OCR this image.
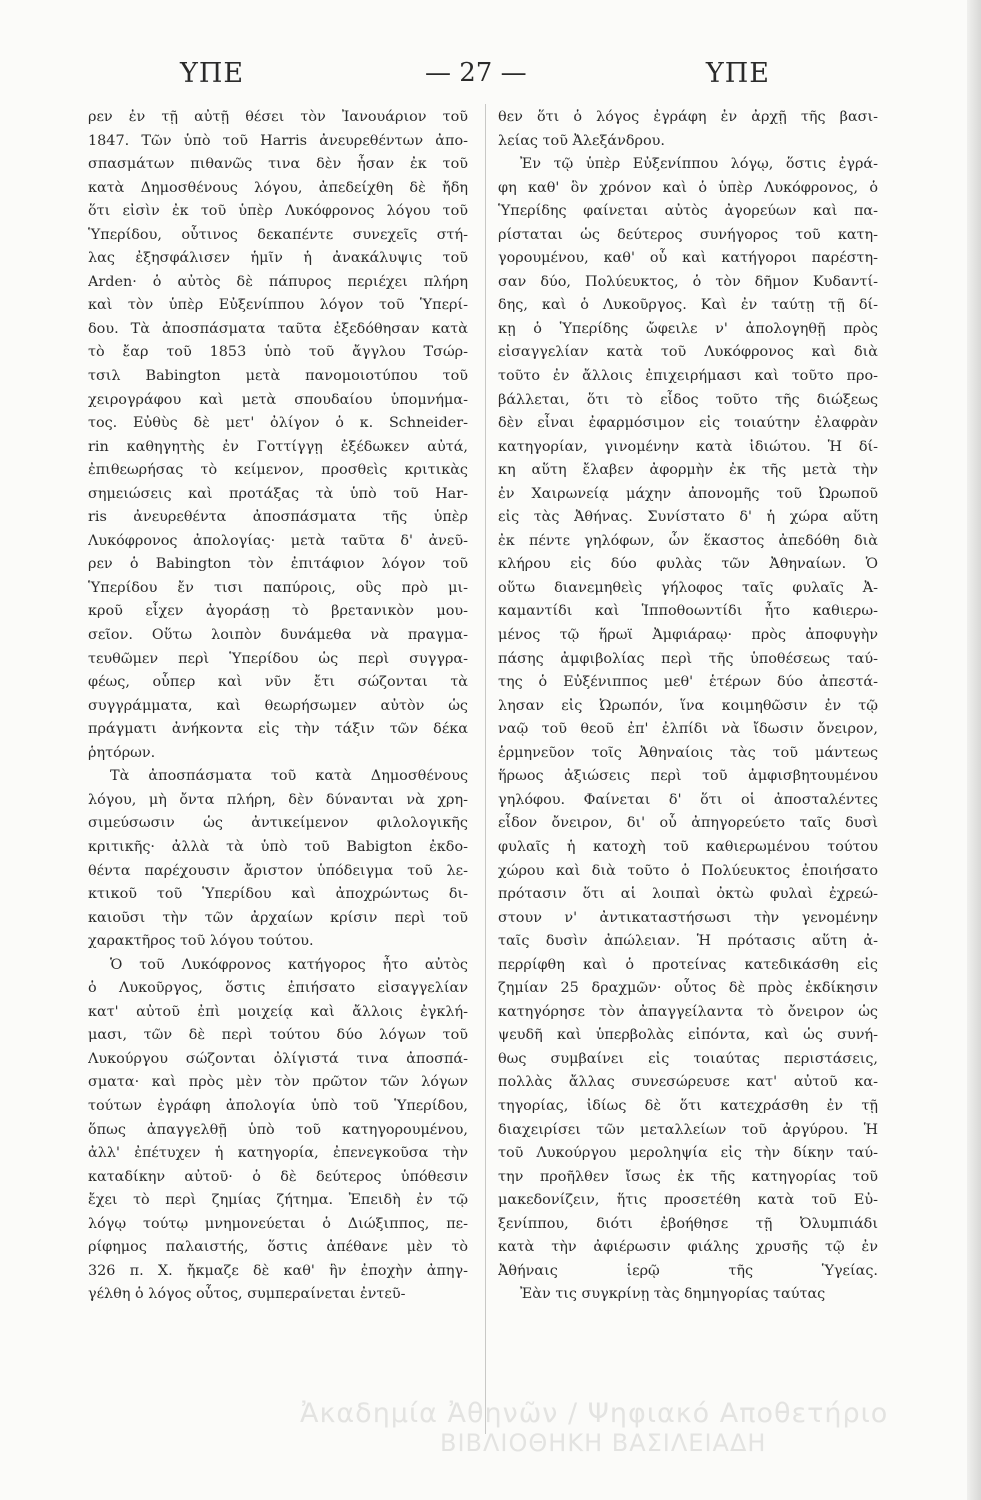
ΥΠΕ	— 27 —	ΥΠΕ
ρεν ἐν τῇ αὐτῇ θέσει τὸν Ἰανουάριον τοῦ
1847. Τῶν ὑπὸ τοῦ Harris ἀνευρεθέντων ἀπο-
σπασμάτων πιθανῶς τινα δὲν ἦσαν ἐκ τοῦ
κατὰ Δημοσθένους λόγου, ἀπεδείχθη δὲ ἤδη
ὅτι εἰσὶν ἐκ τοῦ ὑπὲρ Λυκόφρονος λόγου τοῦ
Ὑπερίδου, οὗτινος δεκαπέντε συνεχεῖς στή-
λας ἐξησφάλισεν ἡμῖν ἡ ἀνακάλυψις τοῦ
Arden· ὁ αὐτὸς δὲ πάπυρος περιέχει πλήρη
καὶ τὸν ὑπὲρ Εὐξενίππου λόγον τοῦ Ὑπερί-
δου. Τὰ ἀποσπάσματα ταῦτα ἐξεδόθησαν κατὰ
τὸ ἔαρ τοῦ 1853 ὑπὸ τοῦ ἄγγλου Τσώρ-
τσιλ Babington μετὰ πανομοιοτύπου τοῦ
χειρογράφου καὶ μετὰ σπουδαίου ὑπομνήμα-
τος. Εὐθὺς δὲ μετ' ὀλίγον ὁ κ. Schneider-
rin καθηγητὴς ἐν Γοττίγγῃ ἐξέδωκεν αὐτά,
ἐπιθεωρήσας τὸ κείμενον, προσθεὶς κριτικὰς
σημειώσεις καὶ προτάξας τὰ ὑπὸ τοῦ Har-
ris ἀνευρεθέντα ἀποσπάσματα τῆς ὑπὲρ
Λυκόφρονος ἀπολογίας· μετὰ ταῦτα δ' ἀνεῦ-
ρεν ὁ Babington τὸν ἐπιτάφιον λόγον τοῦ
Ὑπερίδου ἔν τισι παπύροις, οὓς πρὸ μι-
κροῦ εἶχεν ἀγοράσῃ τὸ βρετανικὸν μου-
σεῖον. Οὕτω λοιπὸν δυνάμεθα νὰ πραγμα-
τευθῶμεν περὶ Ὑπερίδου ὡς περὶ συγγρα-
φέως, οὗπερ καὶ νῦν ἔτι σώζονται τὰ
συγγράμματα, καὶ θεωρήσωμεν αὐτὸν ὡς
πράγματι ἀνήκοντα εἰς τὴν τάξιν τῶν δέκα
ῥητόρων.
Τὰ ἀποσπάσματα τοῦ κατὰ Δημοσθένους
λόγου, μὴ ὄντα πλήρη, δὲν δύνανται νὰ χρη-
σιμεύσωσιν ὡς ἀντικείμενον φιλολογικῆς
κριτικῆς· ἀλλὰ τὰ ὑπὸ τοῦ Babigton ἐκδο-
θέντα παρέχουσιν ἄριστον ὑπόδειγμα τοῦ λε-
κτικοῦ τοῦ Ὑπερίδου καὶ ἀποχρώντως δι-
καιοῦσι τὴν τῶν ἀρχαίων κρίσιν περὶ τοῦ
χαρακτῆρος τοῦ λόγου τούτου.
Ὁ τοῦ Λυκόφρονος κατήγορος ἦτο αὐτὸς
ὁ Λυκοῦργος, ὅστις ἐπιήσατο εἰσαγγελίαν
κατ' αὐτοῦ ἐπὶ μοιχείᾳ καὶ ἄλλοις ἐγκλή-
μασι, τῶν δὲ περὶ τούτου δύο λόγων τοῦ
Λυκούργου σώζονται ὀλίγιστά τινα ἀποσπά-
σματα· καὶ πρὸς μὲν τὸν πρῶτον τῶν λόγων
τούτων ἐγράφη ἀπολογία ὑπὸ τοῦ Ὑπερίδου,
ὅπως ἀπαγγελθῇ ὑπὸ τοῦ κατηγορουμένου,
ἀλλ' ἐπέτυχεν ἡ κατηγορία, ἐπενεγκοῦσα τὴν
καταδίκην αὐτοῦ· ὁ δὲ δεύτερος ὑπόθεσιν
ἔχει τὸ περὶ ζημίας ζήτημα. Ἐπειδὴ ἐν τῷ
λόγῳ τούτῳ μνημονεύεται ὁ Διώξιππος, πε-
ρίφημος παλαιστής, ὅστις ἀπέθανε μὲν τὸ
326 π. Χ. ἤκμαζε δὲ καθ' ἣν ἐποχὴν ἀπηγ-
γέλθη ὁ λόγος οὗτος, συμπεραίνεται ἐντεῦ-
θεν ὅτι ὁ λόγος ἐγράφη ἐν ἀρχῇ τῆς βασι-
λείας τοῦ Ἀλεξάνδρου.
Ἐν τῷ ὑπὲρ Εὐξενίππου λόγῳ, ὅστις ἐγρά-
φη καθ' ὃν χρόνον καὶ ὁ ὑπὲρ Λυκόφρονος, ὁ
Ὑπερίδης φαίνεται αὐτὸς ἀγορεύων καὶ πα-
ρίσταται ὡς δεύτερος συνήγορος τοῦ κατη-
γορουμένου, καθ' οὗ καὶ κατήγοροι παρέστη-
σαν δύο, Πολύευκτος, ὁ τὸν δῆμον Κυδαντί-
δης, καὶ ὁ Λυκοῦργος. Καὶ ἐν ταύτῃ τῇ δί-
κῃ ὁ Ὑπερίδης ὤφειλε ν' ἀπολογηθῇ πρὸς
εἰσαγγελίαν κατὰ τοῦ Λυκόφρονος καὶ διὰ
τοῦτο ἐν ἄλλοις ἐπιχειρήμασι καὶ τοῦτο προ-
βάλλεται, ὅτι τὸ εἶδος τοῦτο τῆς διώξεως
δὲν εἶναι ἐφαρμόσιμον εἰς τοιαύτην ἐλαφρὰν
κατηγορίαν, γινομένην κατὰ ἰδιώτου. Ἡ δί-
κη αὕτη ἔλαβεν ἀφορμὴν ἐκ τῆς μετὰ τὴν
ἐν Χαιρωνείᾳ μάχην ἀπονομῆς τοῦ Ὠρωποῦ
εἰς τὰς Ἀθήνας. Συνίστατο δ' ἡ χώρα αὕτη
ἐκ πέντε γηλόφων, ὧν ἕκαστος ἀπεδόθη διὰ
κλήρου εἰς δύο φυλὰς τῶν Ἀθηναίων. Ὁ
οὕτω διανεμηθεὶς γήλοφος ταῖς φυλαῖς Ἀ-
καμαντίδι καὶ Ἱπποθοωντίδι ἦτο καθιερω-
μένος τῷ ἥρωϊ Ἀμφιάραῳ· πρὸς ἀποφυγὴν
πάσης ἀμφιβολίας περὶ τῆς ὑποθέσεως ταύ-
της ὁ Εὐξένιππος μεθ' ἑτέρων δύο ἀπεστά-
λησαν εἰς Ὠρωπόν, ἵνα κοιμηθῶσιν ἐν τῷ
ναῷ τοῦ θεοῦ ἐπ' ἐλπίδι νὰ ἴδωσιν ὄνειρον,
ἑρμηνεῦον τοῖς Ἀθηναίοις τὰς τοῦ μάντεως
ἥρωος ἀξιώσεις περὶ τοῦ ἀμφισβητουμένου
γηλόφου. Φαίνεται δ' ὅτι οἱ ἀποσταλέντες
εἶδον ὄνειρον, δι' οὗ ἀπηγορεύετο ταῖς δυσὶ
φυλαῖς ἡ κατοχὴ τοῦ καθιερωμένου τούτου
χώρου καὶ διὰ τοῦτο ὁ Πολύευκτος ἐποιήσατο
πρότασιν ὅτι αἱ λοιπαὶ ὀκτὼ φυλαὶ ἐχρεώ-
στουν ν' ἀντικαταστήσωσι τὴν γενομένην
ταῖς δυσὶν ἀπώλειαν. Ἡ πρότασις αὕτη ἀ-
περρίφθη καὶ ὁ προτείνας κατεδικάσθη εἰς
ζημίαν 25 δραχμῶν· οὗτος δὲ πρὸς ἐκδίκησιν
κατηγόρησε τὸν ἀπαγγείλαντα τὸ ὄνειρον ὡς
ψευδῆ καὶ ὑπερβολὰς εἰπόντα, καὶ ὡς συνή-
θως συμβαίνει εἰς τοιαύτας περιστάσεις,
πολλὰς ἄλλας συνεσώρευσε κατ' αὐτοῦ κα-
τηγορίας, ἰδίως δὲ ὅτι κατεχράσθη ἐν τῇ
διαχειρίσει τῶν μεταλλείων τοῦ ἀργύρου. Ἡ
τοῦ Λυκούργου μεροληψία εἰς τὴν δίκην ταύ-
την προῆλθεν ἴσως ἐκ τῆς κατηγορίας τοῦ
μακεδονίζειν, ἥτις προσετέθη κατὰ τοῦ Εὐ-
ξενίππου, διότι ἐβοήθησε τῇ Ὀλυμπιάδι
κατὰ τὴν ἀφιέρωσιν φιάλης χρυσῆς τῷ ἐν
Ἀθήναις ἱερῷ τῆς Ὑγείας.
Ἐὰν τις συγκρίνῃ τὰς δημηγορίας ταύτας
Ἀκαδημία Ἀθηνῶν / Ψηφιακό Αποθετήριο
ΒΙΒΛΙΟΘΗΚΗ ΒΑΣΙΛΕΙΑΔΗ
